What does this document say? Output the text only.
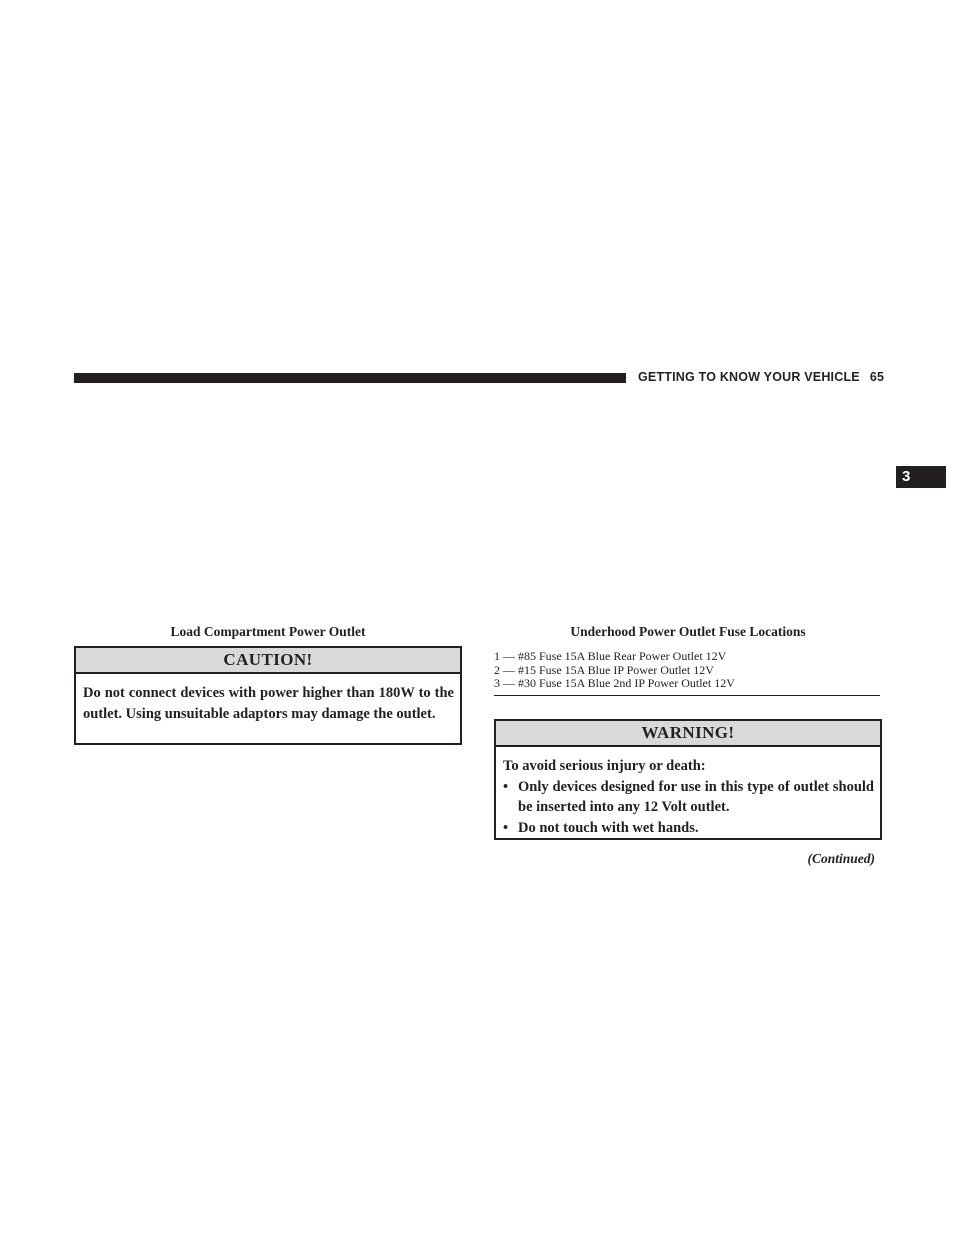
GETTING TO KNOW YOUR VEHICLE 65
3
Load Compartment Power Outlet
CAUTION!
Do not connect devices with power higher than 180W to the outlet. Using unsuitable adaptors may damage the outlet.
Underhood Power Outlet Fuse Locations
1 — #85 Fuse 15A Blue Rear Power Outlet 12V
2 — #15 Fuse 15A Blue IP Power Outlet 12V
3 — #30 Fuse 15A Blue 2nd IP Power Outlet 12V
WARNING!
To avoid serious injury or death:
• Only devices designed for use in this type of outlet should be inserted into any 12 Volt outlet.
• Do not touch with wet hands.
(Continued)
